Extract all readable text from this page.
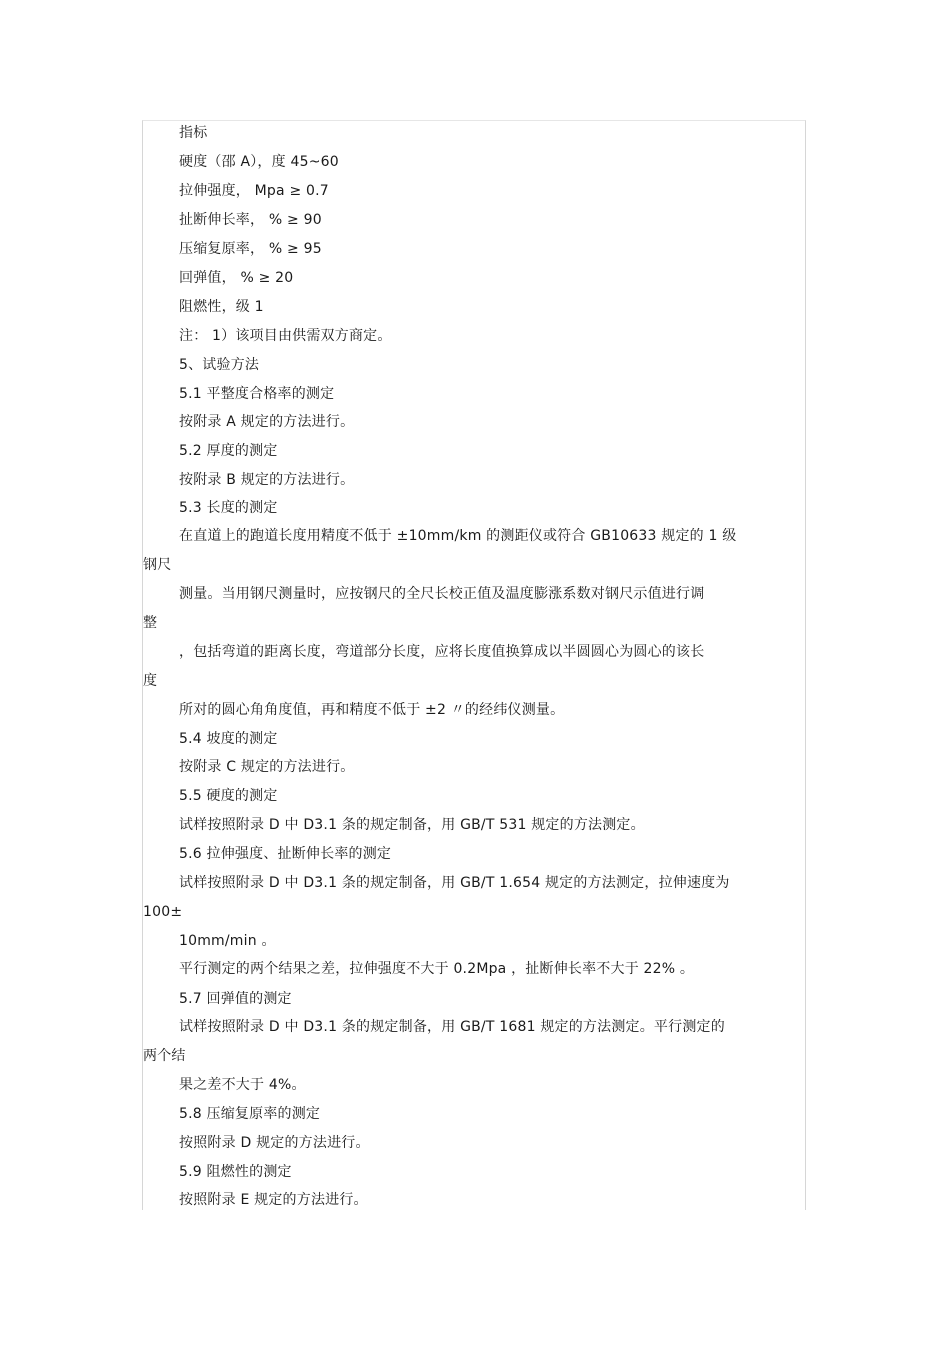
指标
硬度（邵 A），度 45~60
拉伸强度， Mpa ≥ 0.7
扯断伸长率， % ≥ 90
压缩复原率， % ≥ 95
回弹值， % ≥ 20
阻燃性，级 1
注： 1）该项目由供需双方商定。
5、试验方法
5.1 平整度合格率的测定
按附录 A 规定的方法进行。
5.2 厚度的测定
按附录 B 规定的方法进行。
5.3 长度的测定
在直道上的跑道长度用精度不低于 ±10mm/km 的测距仪或符合 GB10633 规定的 1 级
钢尺
测量。当用钢尺测量时，应按钢尺的全尺长校正值及温度膨涨系数对钢尺示值进行调
整
，包括弯道的距离长度，弯道部分长度，应将长度值换算成以半圆圆心为圆心的该长
度
所对的圆心角角度值，再和精度不低于 ±2 〃的经纬仪测量。
5.4 坡度的测定
按附录 C 规定的方法进行。
5.5 硬度的测定
试样按照附录 D 中 D3.1 条的规定制备，用 GB/T 531 规定的方法测定。
5.6 拉伸强度、扯断伸长率的测定
试样按照附录 D 中 D3.1 条的规定制备，用 GB/T 1.654 规定的方法测定，拉伸速度为
100±
10mm/min 。
平行测定的两个结果之差，拉伸强度不大于 0.2Mpa ，扯断伸长率不大于 22% 。
5.7 回弹值的测定
试样按照附录 D 中 D3.1 条的规定制备，用 GB/T 1681 规定的方法测定。平行测定的
两个结
果之差不大于 4%。
5.8 压缩复原率的测定
按照附录 D 规定的方法进行。
5.9 阻燃性的测定
按照附录 E 规定的方法进行。
